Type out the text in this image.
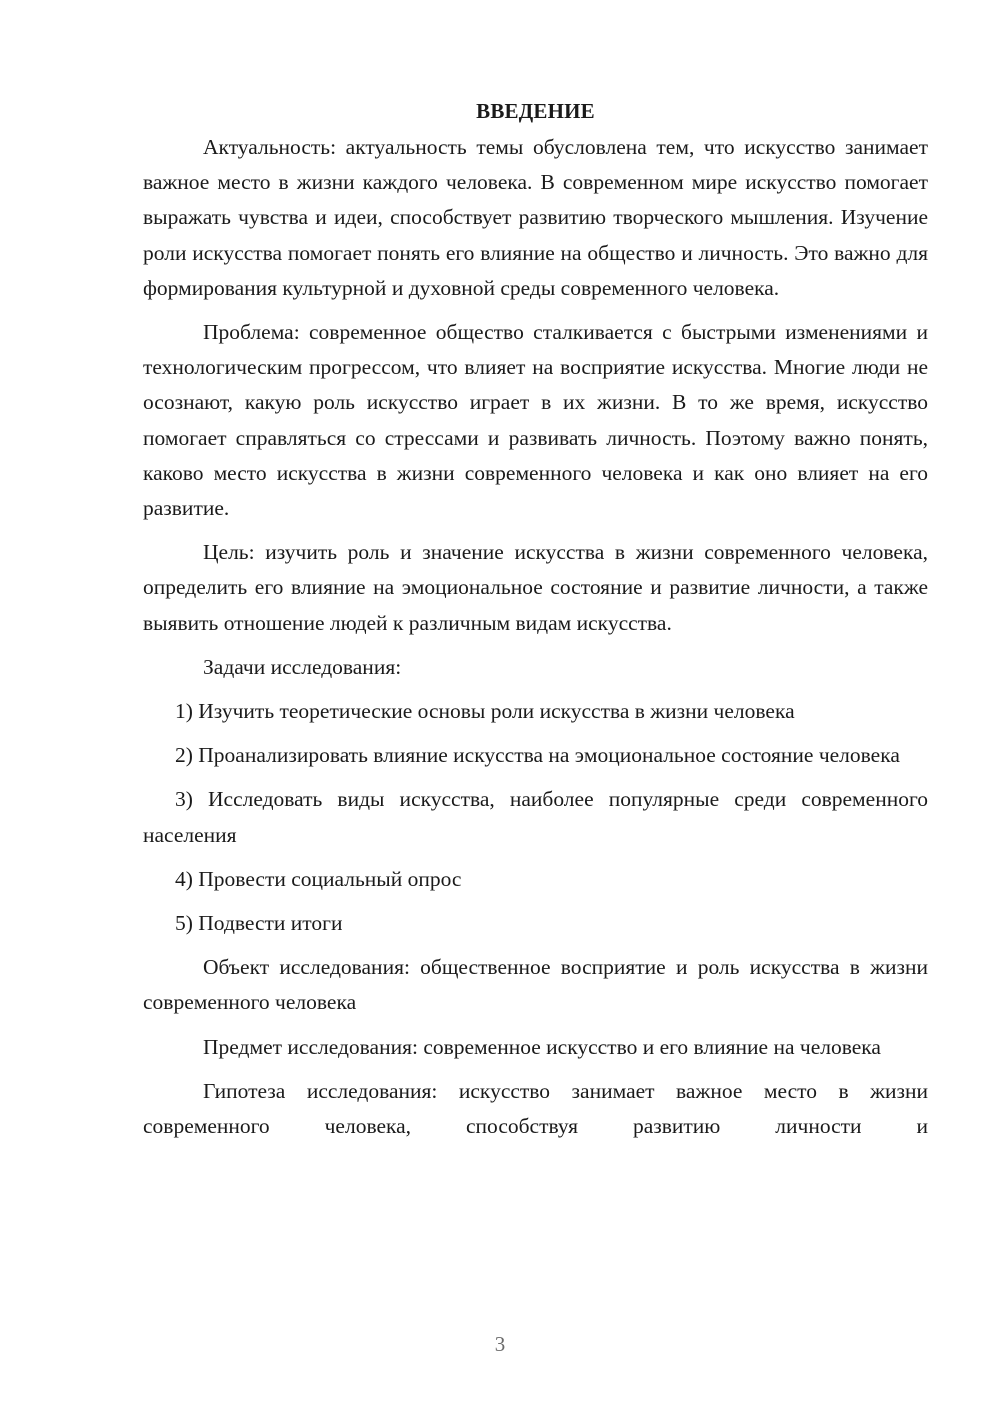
ВВЕДЕНИЕ

Актуальность: актуальность темы обусловлена тем, что искусство занимает важное место в жизни каждого человека. В современном мире искусство помогает выражать чувства и идеи, способствует развитию творческого мышления. Изучение роли искусства помогает понять его влияние на общество и личность. Это важно для формирования культурной и духовной среды современного человека.

Проблема: современное общество сталкивается с быстрыми изменениями и технологическим прогрессом, что влияет на восприятие искусства. Многие люди не осознают, какую роль искусство играет в их жизни. В то же время, искусство помогает справляться со стрессами и развивать личность. Поэтому важно понять, каково место искусства в жизни современного человека и как оно влияет на его развитие.

Цель: изучить роль и значение искусства в жизни современного человека, определить его влияние на эмоциональное состояние и развитие личности, а также выявить отношение людей к различным видам искусства.

Задачи исследования:

1) Изучить теоретические основы роли искусства в жизни человека

2) Проанализировать влияние искусства на эмоциональное состояние человека

3) Исследовать виды искусства, наиболее популярные среди современного населения

4) Провести социальный опрос

5) Подвести итоги

Объект исследования: общественное восприятие и роль искусства в жизни современного человека

Предмет исследования: современное искусство и его влияние на человека

Гипотеза исследования: искусство занимает важное место в жизни современного человека, способствуя развитию личности и

3
